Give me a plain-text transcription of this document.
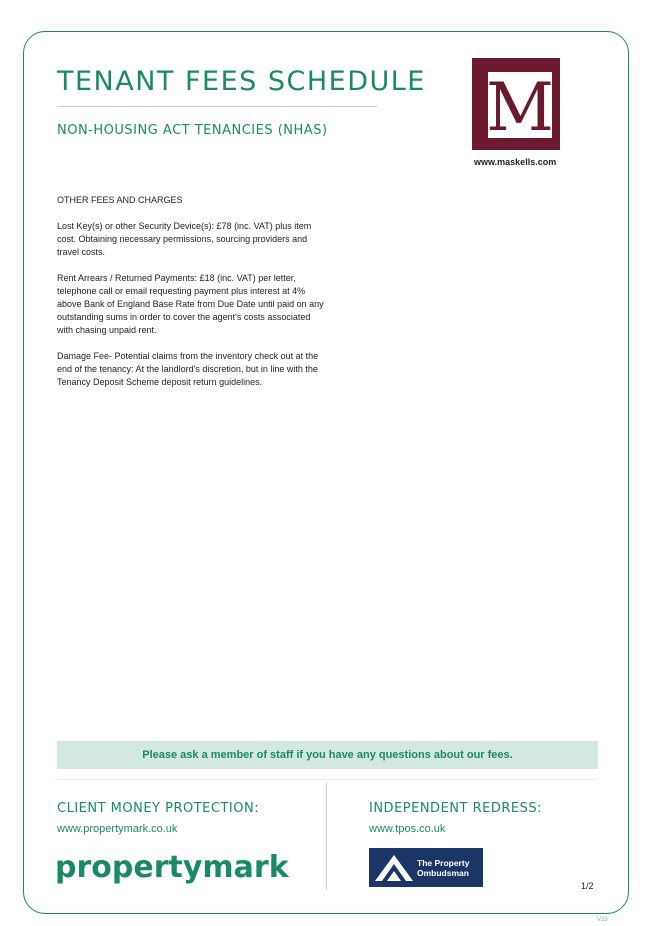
TENANT FEES SCHEDULE
NON-HOUSING ACT TENANCIES (NHAS) M
www.maskells.com

OTHER FEES AND CHARGES

Lost Key(s) or other Security Device(s): £78 (inc. VAT) plus item cost. Obtaining necessary permissions, sourcing providers and travel costs.

Rent Arrears / Returned Payments: £18 (inc. VAT) per letter, telephone call or email requesting payment plus interest at 4% above Bank of England Base Rate from Due Date until paid on any outstanding sums in order to cover the agent's costs associated with chasing unpaid rent.

Damage Fee- Potential claims from the inventory check out at the end of the tenancy: At the landlord's discretion, but in line with the Tenancy Deposit Scheme deposit return guidelines.

Please ask a member of staff if you have any questions about our fees.
CLIENT MONEY PROTECTION:
www.propertymark.co.uk
propertymark
INDEPENDENT REDRESS:
www.tpos.co.uk
The Property
Ombudsman
1/2
V33
